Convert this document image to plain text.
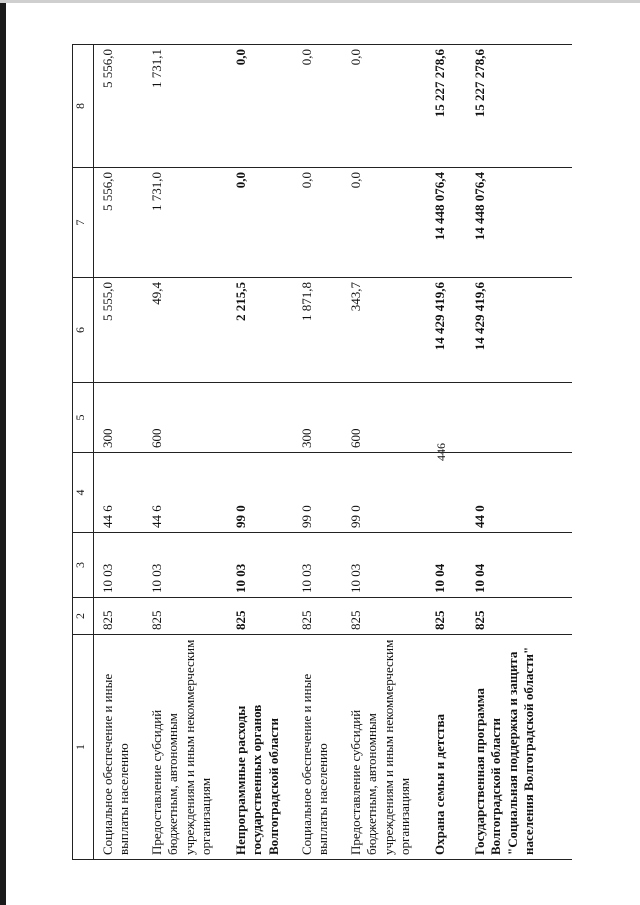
446
1	2	3	4	5	6	7	8
Социальное обеспечение и иные выплаты населению	825	10 03	44 6	300	5 555,0	5 556,0	5 556,0
Предоставление субсидий бюджетным, автономным учреждениям и иным некоммерческим организациям	825	10 03	44 6	600	49,4	1 731,0	1 731,1
Непрограммные расходы государственных органов Волгоградской области	825	10 03	99 0		2 215,5	0,0	0,0
Социальное обеспечение и иные выплаты населению	825	10 03	99 0	300	1 871,8	0,0	0,0
Предоставление субсидий бюджетным, автономным учреждениям и иным некоммерческим организациям	825	10 03	99 0	600	343,7	0,0	0,0
Охрана семьи и детства	825	10 04			14 429 419,6	14 448 076,4	15 227 278,6
Государственная программа Волгоградской области "Социальная поддержка и защита населения Волгоградской области"	825	10 04	44 0		14 429 419,6	14 448 076,4	15 227 278,6
